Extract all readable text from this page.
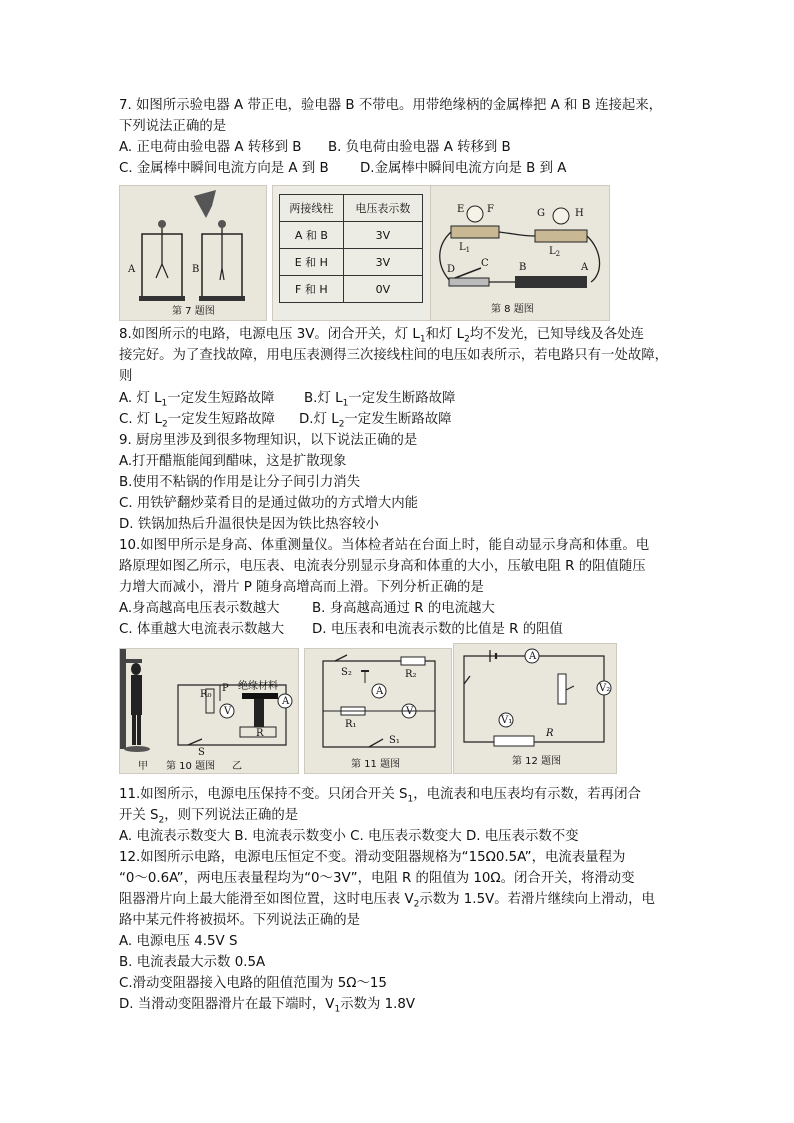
7. 如图所示验电器 A 带正电，验电器 B 不带电。用带绝缘柄的金属棒把 A 和 B 连接起来，
下列说法正确的是
A. 正电荷由验电器 A 转移到 B B. 负电荷由验电器 A 转移到 B
C. 金属棒中瞬间电流方向是 A 到 B D.金属棒中瞬间电流方向是 B 到 A
A	B
第 7 题图
两接线柱	电压表示数
A 和 B	3V
E 和 H	3V
F 和 H	0V
E F	G	H
$L_1$	$L_2$
D
C	B	A
第 8 题图
8.如图所示的电路，电源电压 3V。闭合开关，灯 $L_1$和灯 $L_2$均不发光，已知导线及各处连
接完好。为了查找故障，用电压表测得三次接线柱间的电压如表所示，若电路只有一处故障，
则
A. 灯 $L_1$一定发生短路故障 B.灯 $L_1$一定发生断路故障
C. 灯 $L_2$一定发生短路故障 D.灯 $L_2$一定发生断路故障
9. 厨房里涉及到很多物理知识，以下说法正确的是
A.打开醋瓶能闻到醋味，这是扩散现象
B.使用不粘锅的作用是让分子间引力消失
C. 用铁铲翻炒菜肴目的是通过做功的方式增大内能
D. 铁锅加热后升温很快是因为铁比热容较小
10.如图甲所示是身高、体重测量仪。当体检者站在台面上时，能自动显示身高和体重。电
路原理如图乙所示，电压表、电流表分别显示身高和体重的大小，压敏电阻 R 的阻值随压
力增大而减小，滑片 P 随身高增高而上滑。下列分析正确的是
A.身高越高电压表示数越大 B. 身高越高通过 R 的电流越大
C. 体重越大电流表示数越大 D. 电压表和电流表示数的比值是 R 的阻值
R₀
P
V
A
S
R
绝缘材料
甲 第 10 题图 乙
S₂	R₂
A
R₁
V
S₁
第 11 题图
A
V₂
V₁
R
第 12 题图
11.如图所示，电源电压保持不变。只闭合开关 $S_1$，电流表和电压表均有示数，若再闭合
开关 $S_2$，则下列说法正确的是
A. 电流表示数变大 B. 电流表示数变小 C. 电压表示数变大 D. 电压表示数不变
12.如图所示电路，电源电压恒定不变。滑动变阻器规格为“15Ω0.5A”，电流表量程为
“0～0.6A”，两电压表量程均为“0～3V”，电阻 R 的阻值为 10Ω。闭合开关，将滑动变
阻器滑片向上最大能滑至如图位置，这时电压表 $V_2$示数为 1.5V。若滑片继续向上滑动，电
路中某元件将被损坏。下列说法正确的是
A. 电源电压 4.5V S
B. 电流表最大示数 0.5A
C.滑动变阻器接入电路的阻值范围为 5Ω～15
D. 当滑动变阻器滑片在最下端时，$V_1$示数为 1.8V
